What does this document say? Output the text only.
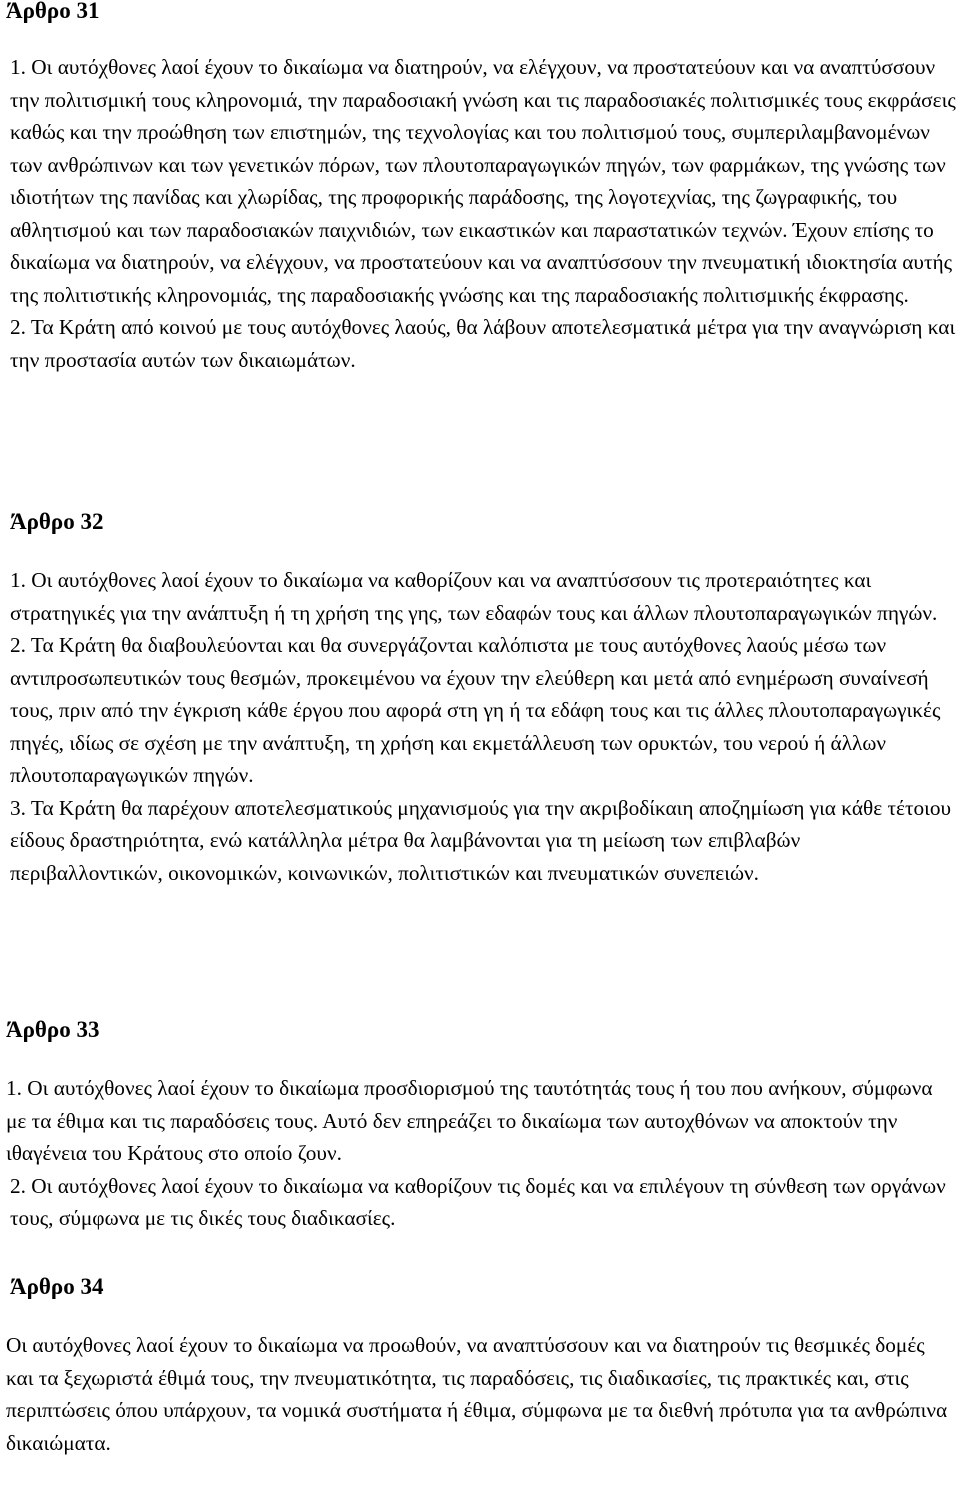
Άρθρο 31

1. Οι αυτόχθονες λαοί έχουν το δικαίωμα να διατηρούν, να ελέγχουν, να προστατεύουν και να αναπτύσσουν την πολιτισμική τους κληρονομιά, την παραδοσιακή γνώση και τις παραδοσιακές πολιτισμικές τους εκφράσεις καθώς και την προώθηση των επιστημών, της τεχνολογίας και του πολιτισμού τους, συμπεριλαμβανομένων των ανθρώπινων και των γενετικών πόρων, των πλουτοπαραγωγικών πηγών, των φαρμάκων, της γνώσης των ιδιοτήτων της πανίδας και χλωρίδας, της προφορικής παράδοσης, της λογοτεχνίας, της ζωγραφικής, του αθλητισμού και των παραδοσιακών παιχνιδιών, των εικαστικών και παραστατικών τεχνών. Έχουν επίσης το δικαίωμα να διατηρούν, να ελέγχουν, να προστατεύουν και να αναπτύσσουν την πνευματική ιδιοκτησία αυτής της πολιτιστικής κληρονομιάς, της παραδοσιακής γνώσης και της παραδοσιακής πολιτισμικής έκφρασης.

2. Τα Κράτη από κοινού με τους αυτόχθονες λαούς, θα λάβουν αποτελεσματικά μέτρα για την αναγνώριση και την προστασία αυτών των δικαιωμάτων.

Άρθρο 32

1. Οι αυτόχθονες λαοί έχουν το δικαίωμα να καθορίζουν και να αναπτύσσουν τις προτεραιότητες και στρατηγικές για την ανάπτυξη ή τη χρήση της γης, των εδαφών τους και άλλων πλουτοπαραγωγικών πηγών.

2. Τα Κράτη θα διαβουλεύονται και θα συνεργάζονται καλόπιστα με τους αυτόχθονες λαούς μέσω των αντιπροσωπευτικών τους θεσμών, προκειμένου να έχουν την ελεύθερη και μετά από ενημέρωση συναίνεσή τους, πριν από την έγκριση κάθε έργου που αφορά στη γη ή τα εδάφη τους και τις άλλες πλουτοπαραγωγικές πηγές, ιδίως σε σχέση με την ανάπτυξη, τη χρήση και εκμετάλλευση των ορυκτών, του νερού ή άλλων πλουτοπαραγωγικών πηγών.

3. Τα Κράτη θα παρέχουν αποτελεσματικούς μηχανισμούς για την ακριβοδίκαιη αποζημίωση για κάθε τέτοιου είδους δραστηριότητα, ενώ κατάλληλα μέτρα θα λαμβάνονται για τη μείωση των επιβλαβών περιβαλλοντικών, οικονομικών, κοινωνικών, πολιτιστικών και πνευματικών συνεπειών.

Άρθρο 33

1. Οι αυτόχθονες λαοί έχουν το δικαίωμα προσδιορισμού της ταυτότητάς τους ή του που ανήκουν, σύμφωνα με τα έθιμα και τις παραδόσεις τους. Αυτό δεν επηρεάζει το δικαίωμα των αυτοχθόνων να αποκτούν την ιθαγένεια του Κράτους στο οποίο ζουν.

2. Οι αυτόχθονες λαοί έχουν το δικαίωμα να καθορίζουν τις δομές και να επιλέγουν τη σύνθεση των οργάνων τους, σύμφωνα με τις δικές τους διαδικασίες.

Άρθρο 34

Οι αυτόχθονες λαοί έχουν το δικαίωμα να προωθούν, να αναπτύσσουν και να διατηρούν τις θεσμικές δομές και τα ξεχωριστά έθιμά τους, την πνευματικότητα, τις παραδόσεις, τις διαδικασίες, τις πρακτικές και, στις περιπτώσεις όπου υπάρχουν, τα νομικά συστήματα ή έθιμα, σύμφωνα με τα διεθνή πρότυπα για τα ανθρώπινα δικαιώματα.
